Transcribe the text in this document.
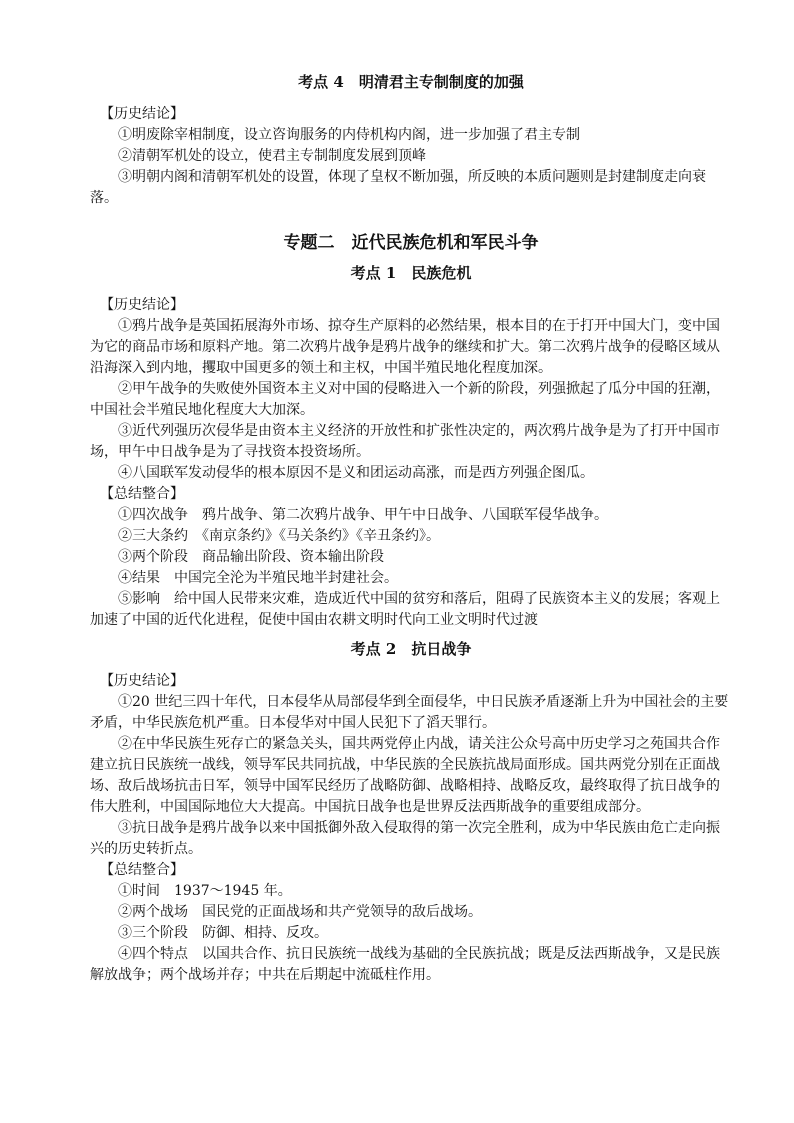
考点 4　明清君主专制制度的加强

【历史结论】

①明废除宰相制度，设立咨询服务的内侍机构内阁，进一步加强了君主专制

②清朝军机处的设立，使君主专制制度发展到顶峰

③明朝内阁和清朝军机处的设置，体现了皇权不断加强，所反映的本质问题则是封建制度走向衰落。

专题二　近代民族危机和军民斗争
考点 1　民族危机

【历史结论】

①鸦片战争是英国拓展海外市场、掠夺生产原料的必然结果，根本目的在于打开中国大门，变中国为它的商品市场和原料产地。第二次鸦片战争是鸦片战争的继续和扩大。第二次鸦片战争的侵略区域从沿海深入到内地，攫取中国更多的领土和主权，中国半殖民地化程度加深。

②甲午战争的失败使外国资本主义对中国的侵略进入一个新的阶段，列强掀起了瓜分中国的狂潮，中国社会半殖民地化程度大大加深。

③近代列强历次侵华是由资本主义经济的开放性和扩张性决定的，两次鸦片战争是为了打开中国市场，甲午中日战争是为了寻找资本投资场所。

④八国联军发动侵华的根本原因不是义和团运动高涨，而是西方列强企图瓜。

【总结整合】

①四次战争　鸦片战争、第二次鸦片战争、甲午中日战争、八国联军侵华战争。

②三大条约　《南京条约》《马关条约》《辛丑条约》。

③两个阶段　商品输出阶段、资本输出阶段

④结果　中国完全沦为半殖民地半封建社会。

⑤影响　给中国人民带来灾难，造成近代中国的贫穷和落后，阻碍了民族资本主义的发展；客观上加速了中国的近代化进程，促使中国由农耕文明时代向工业文明时代过渡

考点 2　抗日战争

【历史结论】

①20 世纪三四十年代，日本侵华从局部侵华到全面侵华，中日民族矛盾逐渐上升为中国社会的主要矛盾，中华民族危机严重。日本侵华对中国人民犯下了滔天罪行。

②在中华民族生死存亡的紧急关头，国共两党停止内战，请关注公众号高中历史学习之苑国共合作建立抗日民族统一战线，领导军民共同抗战，中华民族的全民族抗战局面形成。国共两党分别在正面战场、敌后战场抗击日军，领导中国军民经历了战略防御、战略相持、战略反攻，最终取得了抗日战争的伟大胜利，中国国际地位大大提高。中国抗日战争也是世界反法西斯战争的重要组成部分。

③抗日战争是鸦片战争以来中国抵御外敌入侵取得的第一次完全胜利，成为中华民族由危亡走向振兴的历史转折点。

【总结整合】

①时间　1937～1945 年。

②两个战场　国民党的正面战场和共产党领导的敌后战场。

③三个阶段　防御、相持、反攻。

④四个特点　以国共合作、抗日民族统一战线为基础的全民族抗战；既是反法西斯战争，又是民族解放战争；两个战场并存；中共在后期起中流砥柱作用。
